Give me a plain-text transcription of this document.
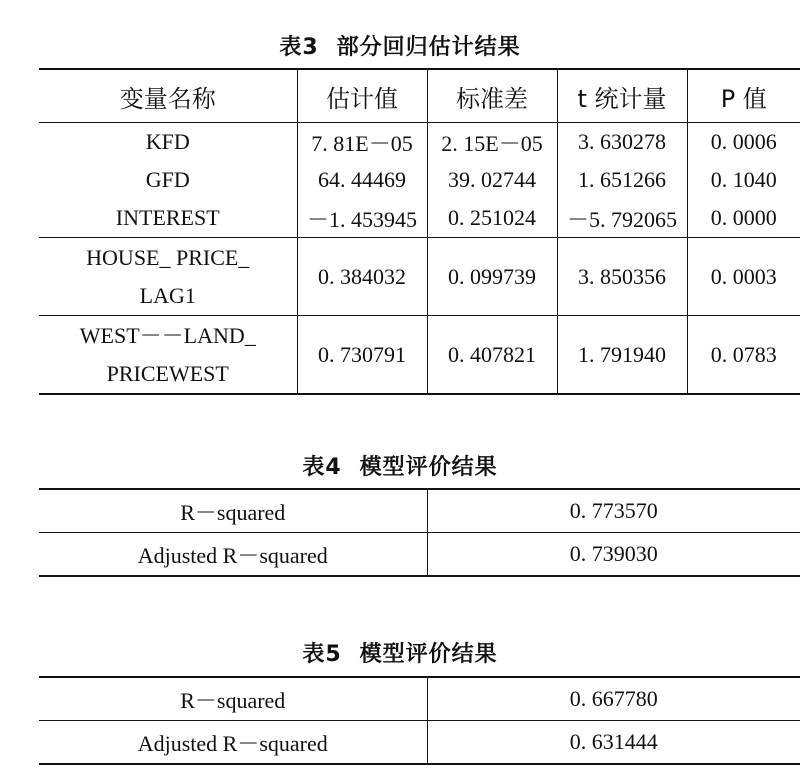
表3 部分回归估计结果
变量名称	估计值	标准差	t 统计量	P 值
KFD	7. 81E－05	2. 15E－05	3. 630278	0. 0006
GFD	64. 44469	39. 02744	1. 651266	0. 1040
INTEREST	－1. 453945	0. 251024	－5. 792065	0. 0000

HOUSE_ PRICE_
LAG1	0. 384032	0. 099739	3. 850356	0. 0003

WEST－－LAND_
PRICEWEST	0. 730791	0. 407821	1. 791940	0. 0783
表4 模型评价结果
R－squared	0. 773570
Adjusted R－squared	0. 739030
表5 模型评价结果
R－squared	0. 667780
Adjusted R－squared	0. 631444
